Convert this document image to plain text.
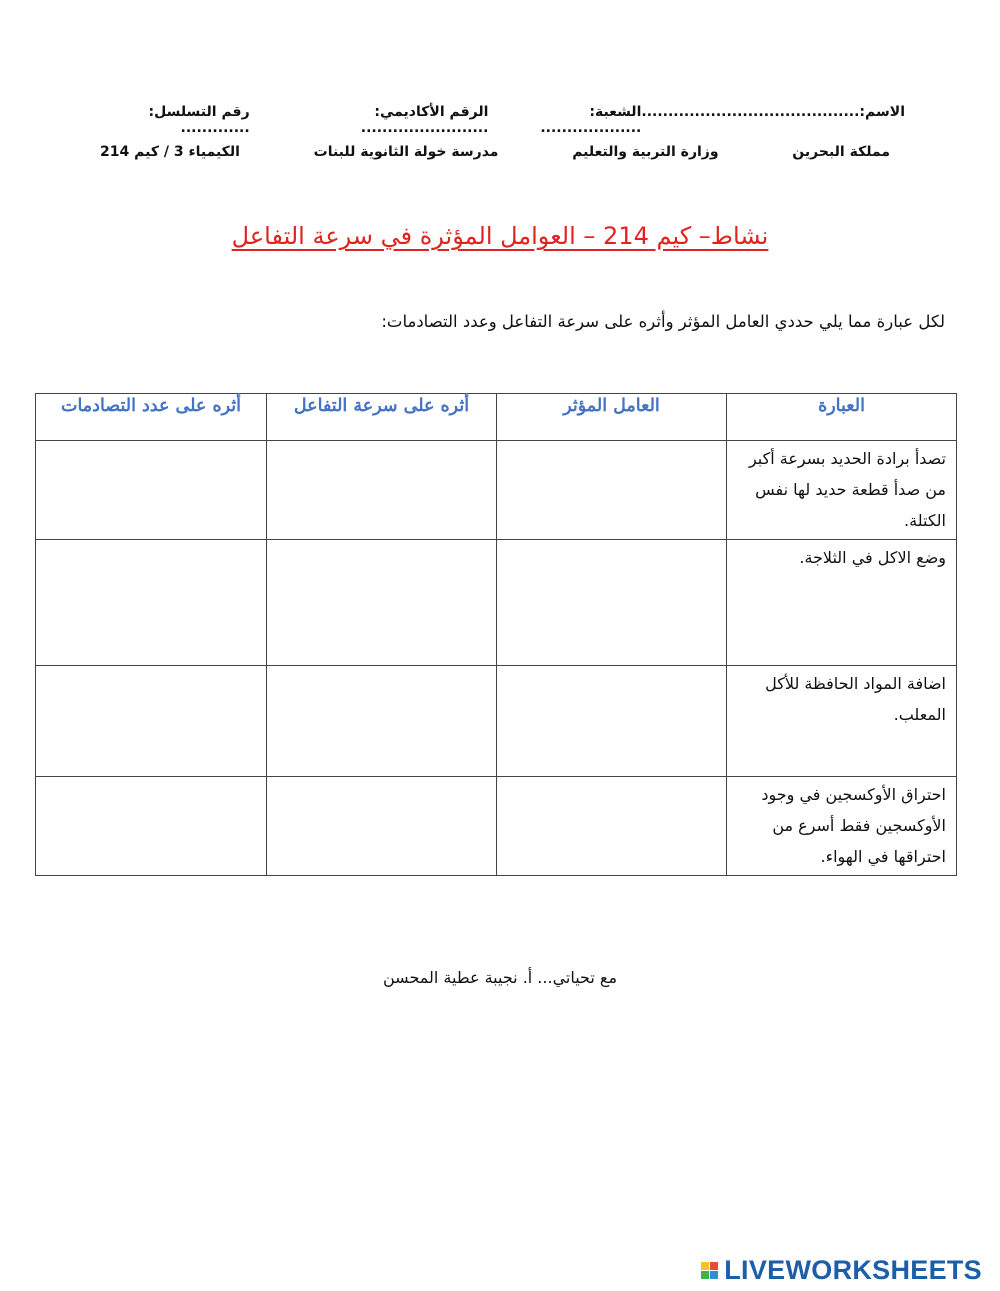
الاسم:.........................................
الشعبة: ...................
الرقم الأكاديمي: ........................
رقم التسلسل: .............
مملكة البحرين
وزارة التربية والتعليم
مدرسة خولة الثانوية للبنات
الكيمياء 3 / كيم 214
نشاط– كيم 214 – العوامل المؤثرة في سرعة التفاعل
لكل عبارة مما يلي حددي العامل المؤثر وأثره على سرعة التفاعل وعدد التصادمات:
العبارة	العامل المؤثر	أثره على سرعة التفاعل	أثره على عدد التصادمات
تصدأ برادة الحديد بسرعة أكبر من صدأ قطعة حديد لها نفس الكتلة.			
وضع الاكل في الثلاجة.			
اضافة المواد الحافظة للأكل المعلب.			
احتراق الأوكسجين في وجود الأوكسجين فقط أسرع من احتراقها في الهواء.			
مع تحياتي... أ. نجيبة عطية المحسن
LIVEWORKSHEETS
